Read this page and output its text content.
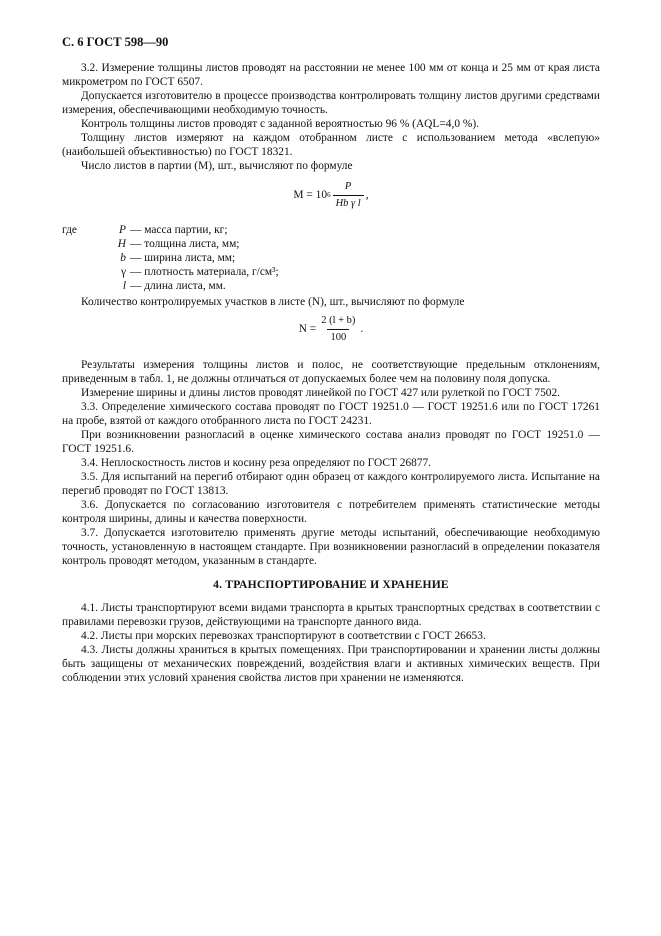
С. 6 ГОСТ 598—90

3.2. Измерение толщины листов проводят на расстоянии не менее 100 мм от конца и 25 мм от края листа микрометром по ГОСТ 6507.

Допускается изготовителю в процессе производства контролировать толщину листов другими средствами измерения, обеспечивающими необходимую точность.

Контроль толщины листов проводят с заданной вероятностью 96 % (AQL=4,0 %).

Толщину листов измеряют на каждом отобранном листе с использованием метода «вслепую» (наибольшей объективностью) по ГОСТ 18321.

Число листов в партии (M), шт., вычисляют по формуле

М = 10 $6 \frac{P}{\text{Hb γ l}}$ ,
где	P — масса партии, кг;
H — толщина листа, мм;
b — ширина листа, мм;
γ — плотность материала, г/см³;
l — длина листа, мм.

Количество контролируемых участков в листе (N), шт., вычисляют по формуле

$N = \frac{2 (l + b)}{100}$ .

Результаты измерения толщины листов и полос, не соответствующие предельным отклонениям, приведенным в табл. 1, не должны отличаться от допускаемых более чем на половину поля допуска.

Измерение ширины и длины листов проводят линейкой по ГОСТ 427 или рулеткой по ГОСТ 7502.

3.3. Определение химического состава проводят по ГОСТ 19251.0 — ГОСТ 19251.6 или по ГОСТ 17261 на пробе, взятой от каждого отобранного листа по ГОСТ 24231.

При возникновении разногласий в оценке химического состава анализ проводят по ГОСТ 19251.0 — ГОСТ 19251.6.

3.4. Неплоскостность листов и косину реза определяют по ГОСТ 26877.

3.5. Для испытаний на перегиб отбирают один образец от каждого контролируемого листа. Испытание на перегиб проводят по ГОСТ 13813.

3.6. Допускается по согласованию изготовителя с потребителем применять статистические методы контроля ширины, длины и качества поверхности.

3.7. Допускается изготовителю применять другие методы испытаний, обеспечивающие необходимую точность, установленную в настоящем стандарте. При возникновении разногласий в определении показателя контроль проводят методом, указанным в стандарте.

4. ТРАНСПОРТИРОВАНИЕ И ХРАНЕНИЕ

4.1. Листы транспортируют всеми видами транспорта в крытых транспортных средствах в соответствии с правилами перевозки грузов, действующими на транспорте данного вида.

4.2. Листы при морских перевозках транспортируют в соответствии с ГОСТ 26653.

4.3. Листы должны храниться в крытых помещениях. При транспортировании и хранении листы должны быть защищены от механических повреждений, воздействия влаги и активных химических веществ. При соблюдении этих условий хранения свойства листов при хранении не изменяются.
